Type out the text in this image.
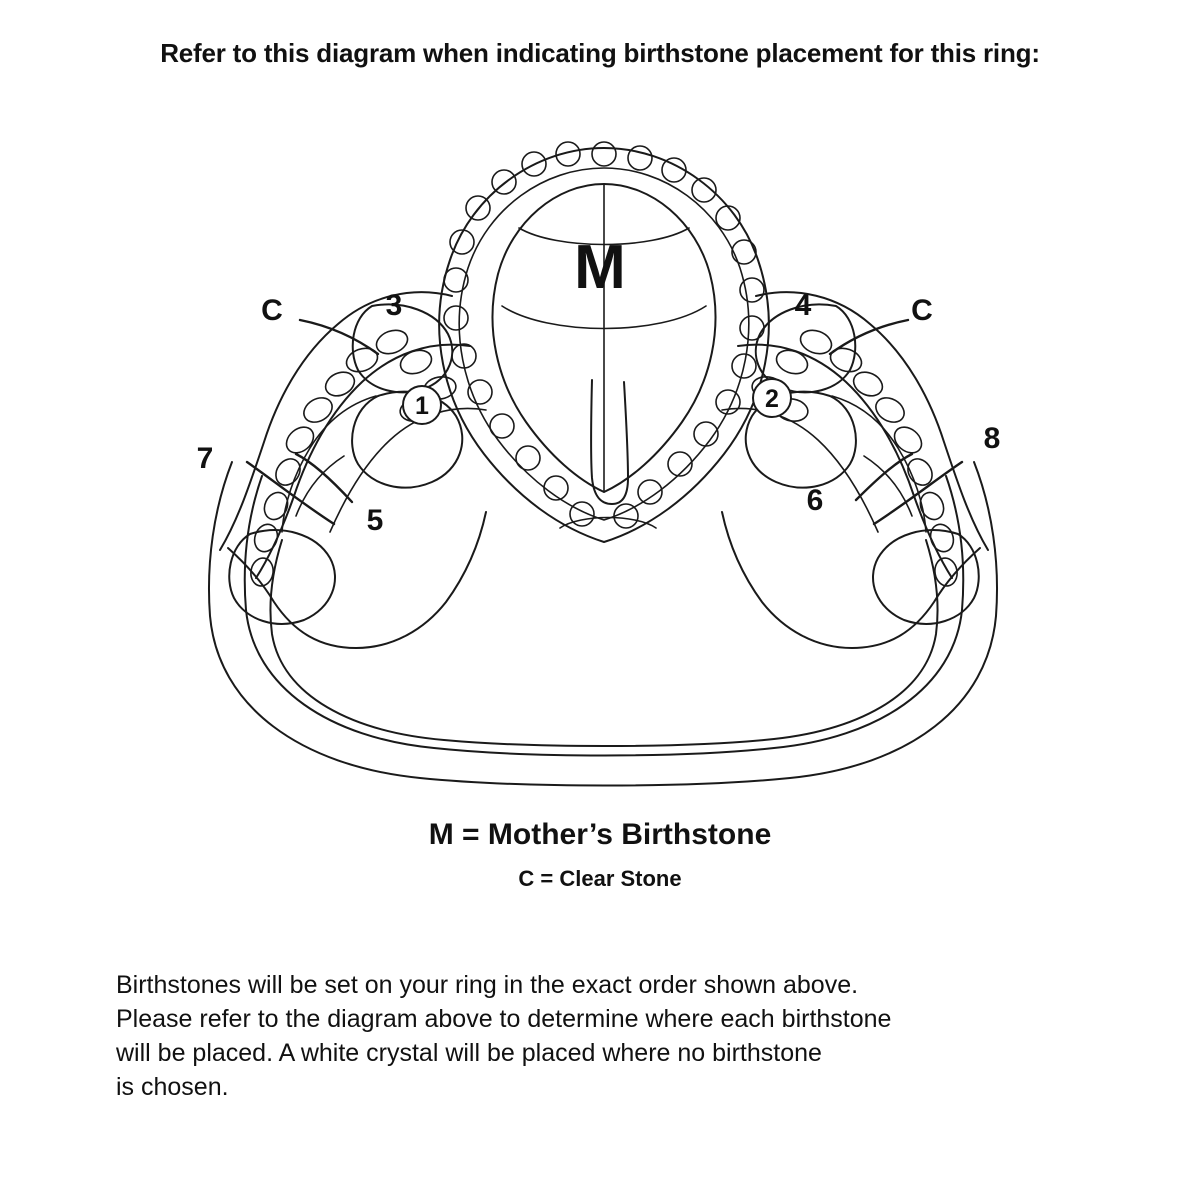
Refer to this diagram when indicating birthstone placement for this ring:
C	C
3	4
1	2
7
8
5
6
M
M = Mother’s Birthstone
C = Clear Stone
Birthstones will be set on your ring in the exact order shown above.
Please refer to the diagram above to determine where each birthstone
will be placed. A white crystal will be placed where no birthstone
is chosen.
